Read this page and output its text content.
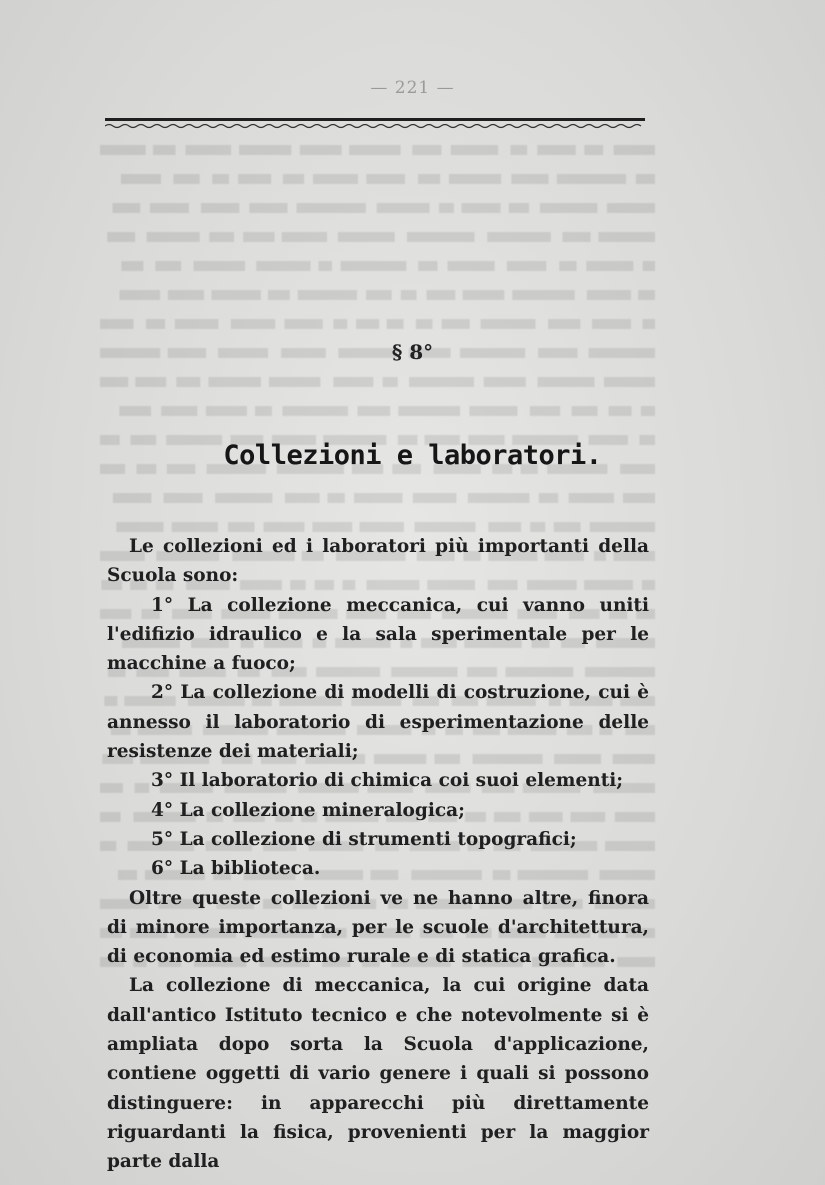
— 221 —
§ 8°
Collezioni e laboratori.

Le collezioni ed i laboratori più importanti della Scuola sono:

1° La collezione meccanica, cui vanno uniti l'edifizio idraulico e la sala sperimentale per le macchine a fuoco;

2° La collezione di modelli di costruzione, cui è annesso il laboratorio di esperimentazione delle resistenze dei materiali;

3° Il laboratorio di chimica coi suoi elementi;

4° La collezione mineralogica;

5° La collezione di strumenti topografici;

6° La biblioteca.

Oltre queste collezioni ve ne hanno altre, finora di minore importanza, per le scuole d'architettura, di economia ed estimo rurale e di statica grafica.

La collezione di meccanica, la cui origine data dall'antico Istituto tecnico e che notevolmente si è ampliata dopo sorta la Scuola d'applicazione, contiene oggetti di vario genere i quali si possono distinguere: in apparecchi più direttamente riguardanti la fisica, provenienti per la maggior parte dalla
